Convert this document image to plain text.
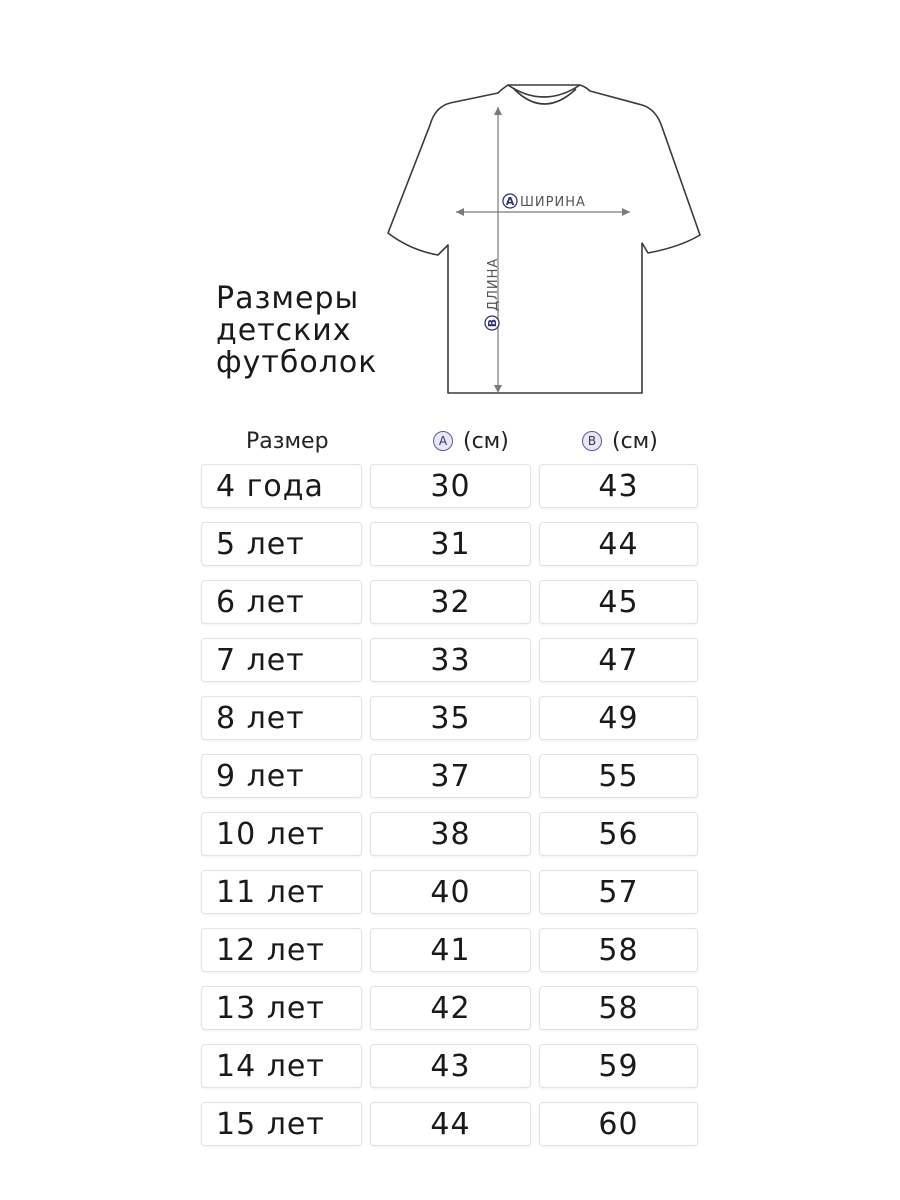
A ШИРИНА
B
ДЛИНА
Размеры
детских
футболок
Размер	A (см)	B (см)
4 года	30	43
5 лет	31	44
6 лет	32	45
7 лет	33	47
8 лет	35	49
9 лет	37	55
10 лет	38	56
11 лет	40	57
12 лет	41	58
13 лет	42	58
14 лет	43	59
15 лет	44	60
